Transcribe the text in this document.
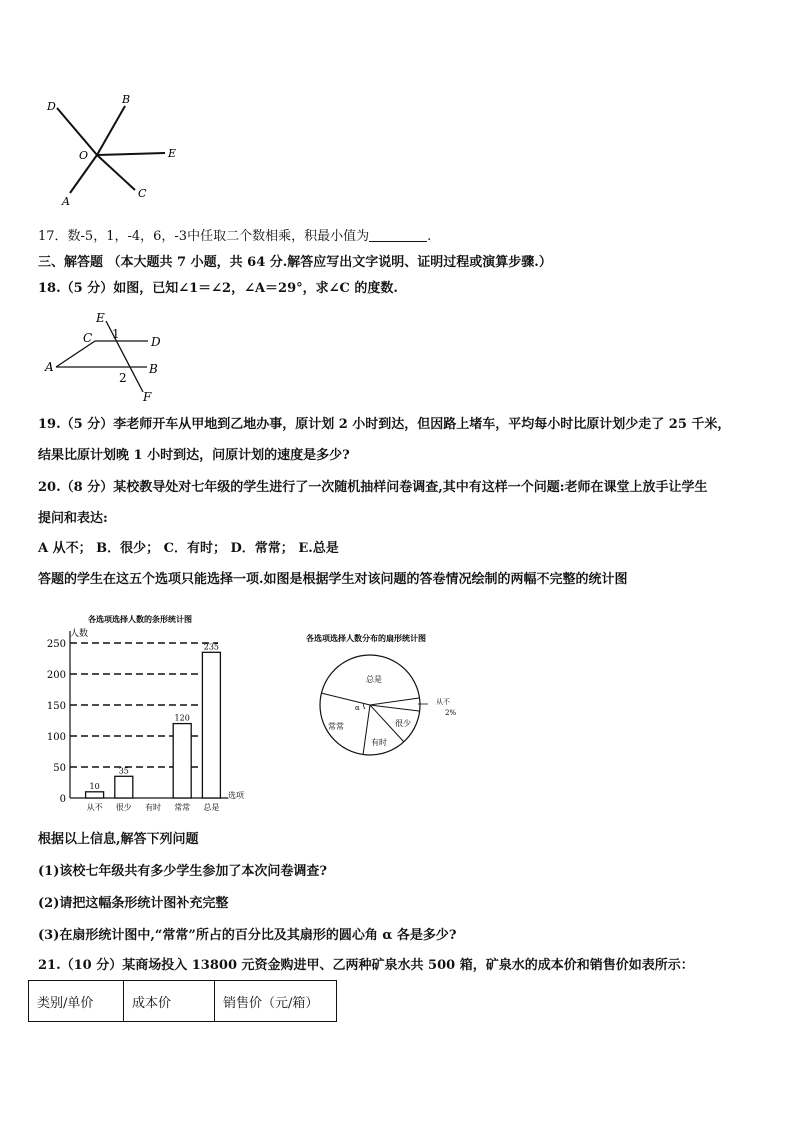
D
B
O	E
C
A
17．数-5，1，-4，6，-3中任取二个数相乘，积最小值为	.
三、解答题 （本大题共 7 小题，共 64 分.解答应写出文字说明、证明过程或演算步骤.）
18.（5 分）如图，已知∠1＝∠2，∠A＝29°，求∠C 的度数.
E
C 1
D
A	B
2
F
19.（5 分）李老师开车从甲地到乙地办事，原计划 2 小时到达，但因路上堵车，平均每小时比原计划少走了 25 千米，
结果比原计划晚 1 小时到达，问原计划的速度是多少?
20.（8 分）某校教导处对七年级的学生进行了一次随机抽样问卷调查,其中有这样一个问题:老师在课堂上放手让学生
提问和表达:
A 从不； B．很少； C．有时； D．常常； E.总是
答题的学生在这五个选项只能选择一项.如图是根据学生对该问题的答卷情况绘制的两幅不完整的统计图
各选项选择人数的条形统计图
人数
选项
250
200
150
100
50
0
从不
10
很少
35
有时 常常
120
总是
235
各选项选择人数分布的扇形统计图
总是
从不
2%
很少
有时
常常
α
根据以上信息,解答下列问题
(1)该校七年级共有多少学生参加了本次问卷调查?
(2)请把这幅条形统计图补充完整
(3)在扇形统计图中,“常常”所占的百分比及其扇形的圆心角 α 各是多少?
21.（10 分）某商场投入 13800 元资金购进甲、乙两种矿泉水共 500 箱，矿泉水的成本价和销售价如表所示：
类别/单价	成本价	销售价（元/箱）
